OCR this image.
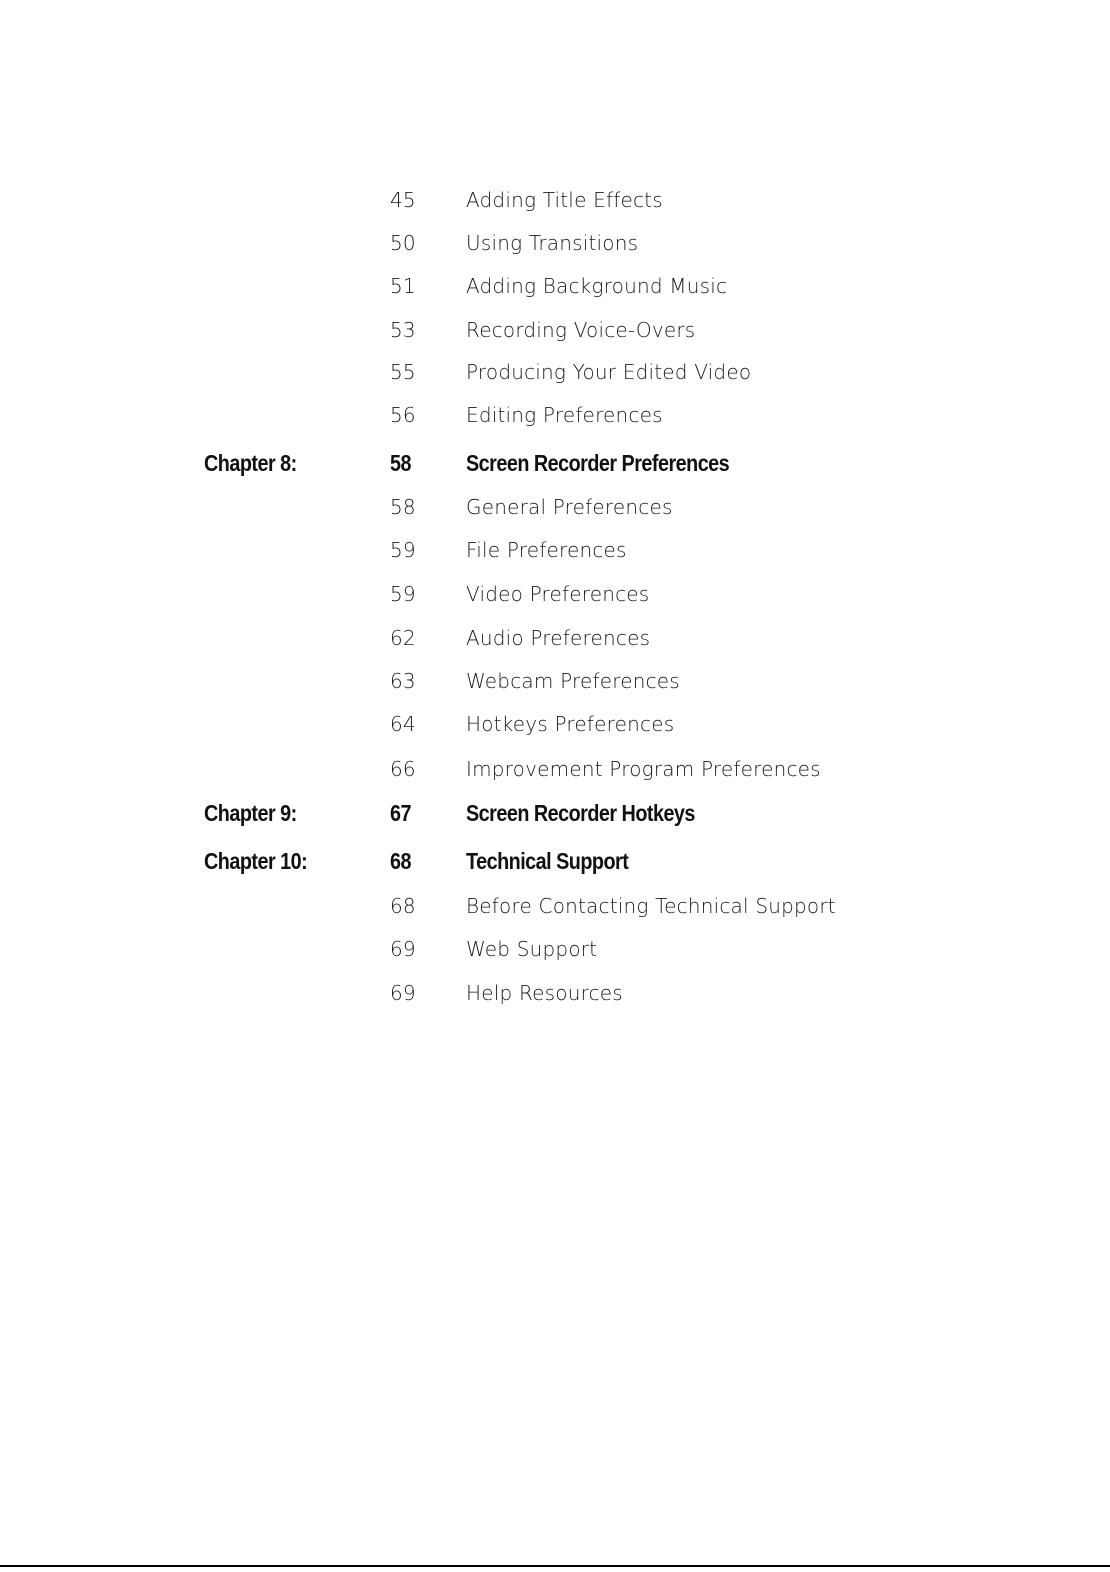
45	Adding Title Effects
50	Using Transitions
51	Adding Background Music
53	Recording Voice-Overs
55	Producing Your Edited Video
56	Editing Preferences
Chapter 8:	58 Screen Recorder Preferences
58	General Preferences
59	File Preferences
59	Video Preferences
62	Audio Preferences
63	Webcam Preferences
64	Hotkeys Preferences
66	Improvement Program Preferences
Chapter 9:	67 Screen Recorder Hotkeys
Chapter 10:	68 Technical Support
68	Before Contacting Technical Support
69	Web Support
69	Help Resources
